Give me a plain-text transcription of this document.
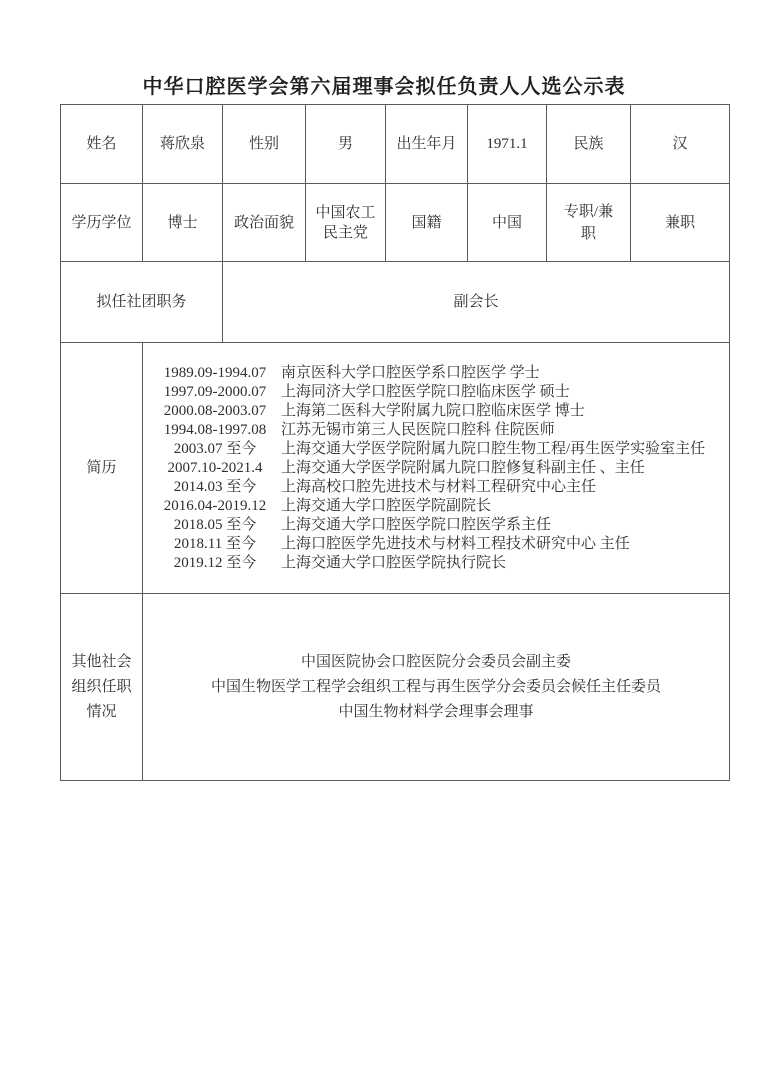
中华口腔医学会第六届理事会拟任负责人人选公示表
姓名	蒋欣泉	性别	男	出生年月	1971.1	民族	汉
学历学位	博士	政治面貌	中国农工民主党	国籍	中国	专职/兼职	兼职
拟任社团职务		副会长					
简历	
1989.09-1994.07 南京医科大学口腔医学系口腔医学 学士
1997.09-2000.07 上海同济大学口腔医学院口腔临床医学 硕士
2000.08-2003.07 上海第二医科大学附属九院口腔临床医学 博士
1994.08-1997.08 江苏无锡市第三人民医院口腔科 住院医师
2003.07 至今	上海交通大学医学院附属九院口腔生物工程/再生医学实验室主任
2007.10-2021.4	上海交通大学医学院附属九院口腔修复科副主任 、主任
2014.03 至今	上海高校口腔先进技术与材料工程研究中心主任
2016.04-2019.12 上海交通大学口腔医学院副院长
2018.05 至今	上海交通大学口腔医学院口腔医学系主任
2018.11 至今	上海口腔医学先进技术与材料工程技术研究中心 主任
2019.12 至今	上海交通大学口腔医学院执行院长

其他社会
组织任职
情况

中国医院协会口腔医院分会委员会副主委
中国生物医学工程学会组织工程与再生医学分会委员会候任主任委员
中国生物材料学会理事会理事
